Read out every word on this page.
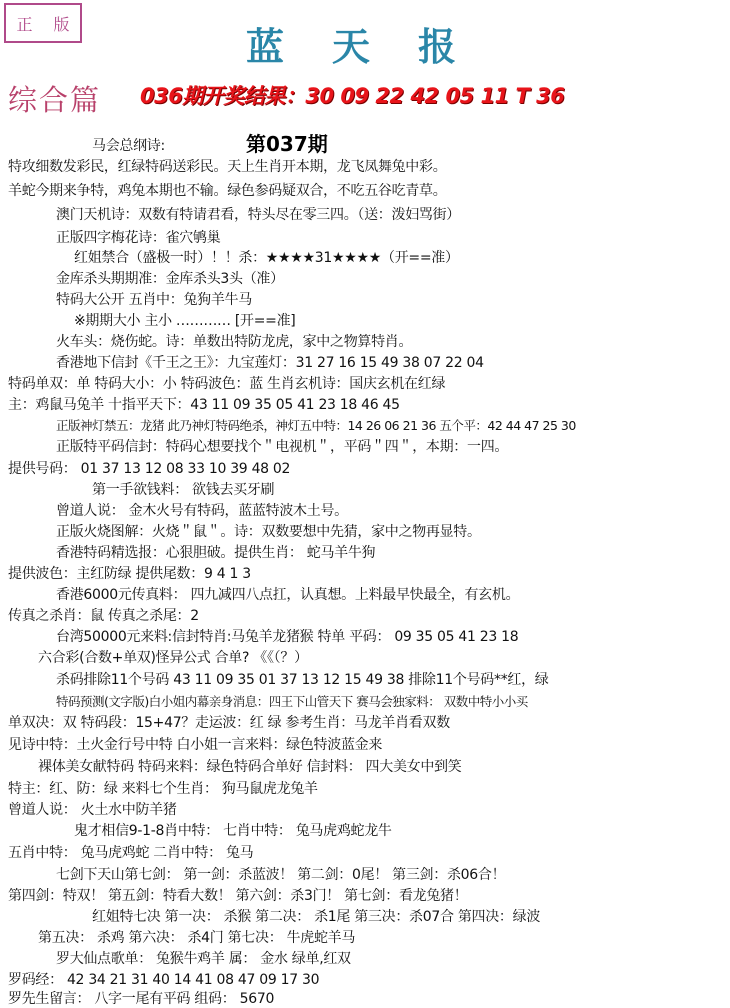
正 版	蓝天报
综合篇 036期开奖结果：30 09 22 42 05 11 T 36
第037期
马会总纲诗:
特攻细数发彩民，红绿特码送彩民。天上生肖开本期，龙飞凤舞兔中彩。
羊蛇今期来争特，鸡兔本期也不输。绿色参码疑双合，不吃五谷吃青草。
澳门天机诗：双数有特请君看，特头尽在零三四。（送：泼妇骂街）
正版四字梅花诗：雀穴鸲巢
红姐禁合（盛极一时）！！杀：★★★★31★★★★（开==准）
金库杀头期期准：金库杀头3头（准）
特码大公开 五肖中：兔狗羊牛马
※期期大小 主小 ………… [开==准]
火车头：烧伤蛇。诗：单数出特防龙虎，家中之物算特肖。
香港地下信封《千王之王》：九宝莲灯：31 27 16 15 49 38 07 22 04
特码单双：单 特码大小：小 特码波色：蓝 生肖玄机诗：国庆玄机在红绿
主：鸡鼠马兔羊 十指平天下：43 11 09 35 05 41 23 18 46 45
正版神灯禁五：龙猪 此乃神灯特码绝杀，神灯五中特：14 26 06 21 36 五个平：42 44 47 25 30
正版特平码信封：特码心想要找个＂电视机＂，平码＂四＂，本期：一四。
提供号码： 01 37 13 12 08 33 10 39 48 02
第一手欲钱料： 欲钱去买牙刷
曾道人说： 金木火号有特码，蓝蓝特波木土号。
正版火烧图解：火烧＂鼠＂。诗：双数要想中先猜，家中之物再显特。
香港特码精选报：心狠胆破。提供生肖： 蛇马羊牛狗
提供波色：主红防绿 提供尾数：9 4 1 3
香港6000元传真料： 四九减四八点扛，认真想。上料最早快最全，有玄机。
传真之杀肖：鼠 传真之杀尾：2
台湾50000元来料:信封特肖:马兔羊龙猪猴 特单 平码： 09 35 05 41 23 18
六合彩(合数+单双)怪异公式 合单? 《《（？）
杀码排除11个号码 43 11 09 35 01 37 13 12 15 49 38 排除11个号码**红，绿
特码预测(文字版)白小姐内幕亲身消息：四王下山管天下 赛马会独家料： 双数中特小小买
单双决：双 特码段：15+47？走运波：红 绿 参考生肖：马龙羊肖看双数
见诗中特：土火金行号中特 白小姐一言来料：绿色特波蓝金来
裸体美女献特码 特码来料：绿色特码合单好 信封料： 四大美女中到笑
特主：红、防：绿 来料七个生肖： 狗马鼠虎龙兔羊
曾道人说： 火土水中防羊猪
鬼才相信9-1-8肖中特： 七肖中特： 兔马虎鸡蛇龙牛
五肖中特： 兔马虎鸡蛇 二肖中特： 兔马
七剑下天山第七剑： 第一剑：杀蓝波！ 第二剑：0尾！ 第三剑：杀06合！
第四剑：特双！ 第五剑：特看大数！ 第六剑：杀3门！ 第七剑：看龙兔猪！
红姐特七决 第一决： 杀猴 第二决： 杀1尾 第三决：杀07合 第四决：绿波
第五决： 杀鸡 第六决： 杀4门 第七决： 牛虎蛇羊马
罗大仙点歌单： 兔猴牛鸡羊 属： 金水 绿单,红双
罗码经： 42 34 21 31 40 14 41 08 47 09 17 30
罗先生留言： 八字一尾有平码 组码： 5670
